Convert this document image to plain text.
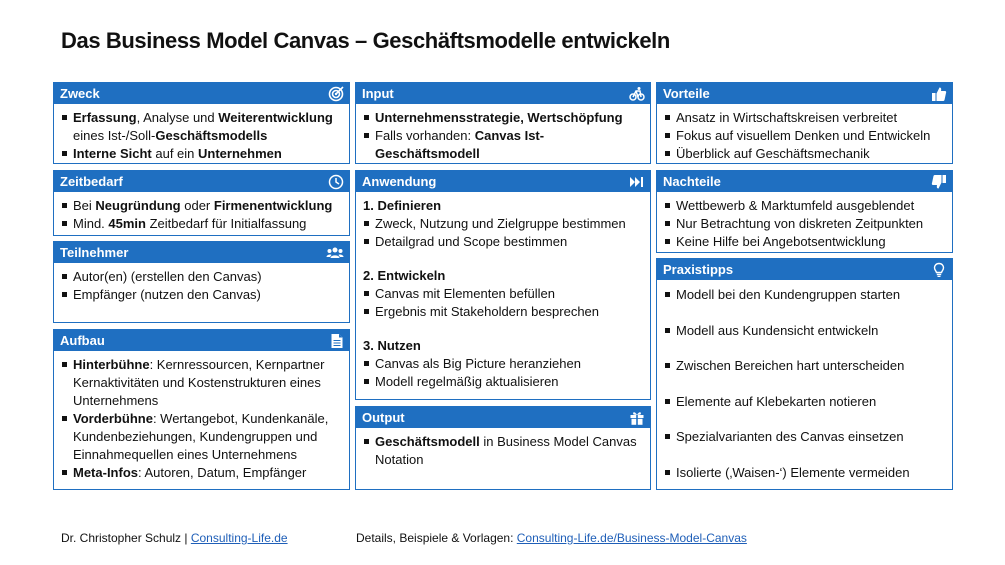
Das Business Model Canvas – Geschäftsmodelle entwickeln
Zweck
Erfassung, Analyse und Weiterentwicklung
eines Ist-/Soll-Geschäftsmodells
Interne Sicht auf ein Unternehmen
Input
Unternehmensstrategie, Wertschöpfung
Falls vorhanden: Canvas Ist-Geschäftsmodell
Vorteile
Ansatz in Wirtschaftskreisen verbreitet
Fokus auf visuellem Denken und Entwickeln
Überblick auf Geschäftsmechanik
Zeitbedarf
Bei Neugründung oder Firmenentwicklung
Mind. 45min Zeitbedarf für Initialfassung
Anwendung
1. Definieren
Zweck, Nutzung und Zielgruppe bestimmen
Detailgrad und Scope bestimmen
2. Entwickeln
Canvas mit Elementen befüllen
Ergebnis mit Stakeholdern besprechen
3. Nutzen
Canvas als Big Picture heranziehen
Modell regelmäßig aktualisieren
Nachteile
Wettbewerb & Marktumfeld ausgeblendet
Nur Betrachtung von diskreten Zeitpunkten
Keine Hilfe bei Angebotsentwicklung
Teilnehmer
Autor(en) (erstellen den Canvas)
Empfänger (nutzen den Canvas)
Praxistipps
Modell bei den Kundengruppen starten
Modell aus Kundensicht entwickeln
Zwischen Bereichen hart unterscheiden
Elemente auf Klebekarten notieren
Spezialvarianten des Canvas einsetzen
Isolierte (‚Waisen-‘) Elemente vermeiden
Aufbau
Hinterbühne: Kernressourcen, Kernpartner
Kernaktivitäten und Kostenstrukturen eines
Unternehmens
Vorderbühne: Wertangebot, Kundenkanäle,
Kundenbeziehungen, Kundengruppen und
Einnahmequellen eines Unternehmens
Meta-Infos: Autoren, Datum, Empfänger
Output
Geschäftsmodell in Business Model Canvas
Notation
Dr. Christopher Schulz | Consulting-Life.de	Details, Beispiele & Vorlagen: Consulting-Life.de/Business-Model-Canvas
